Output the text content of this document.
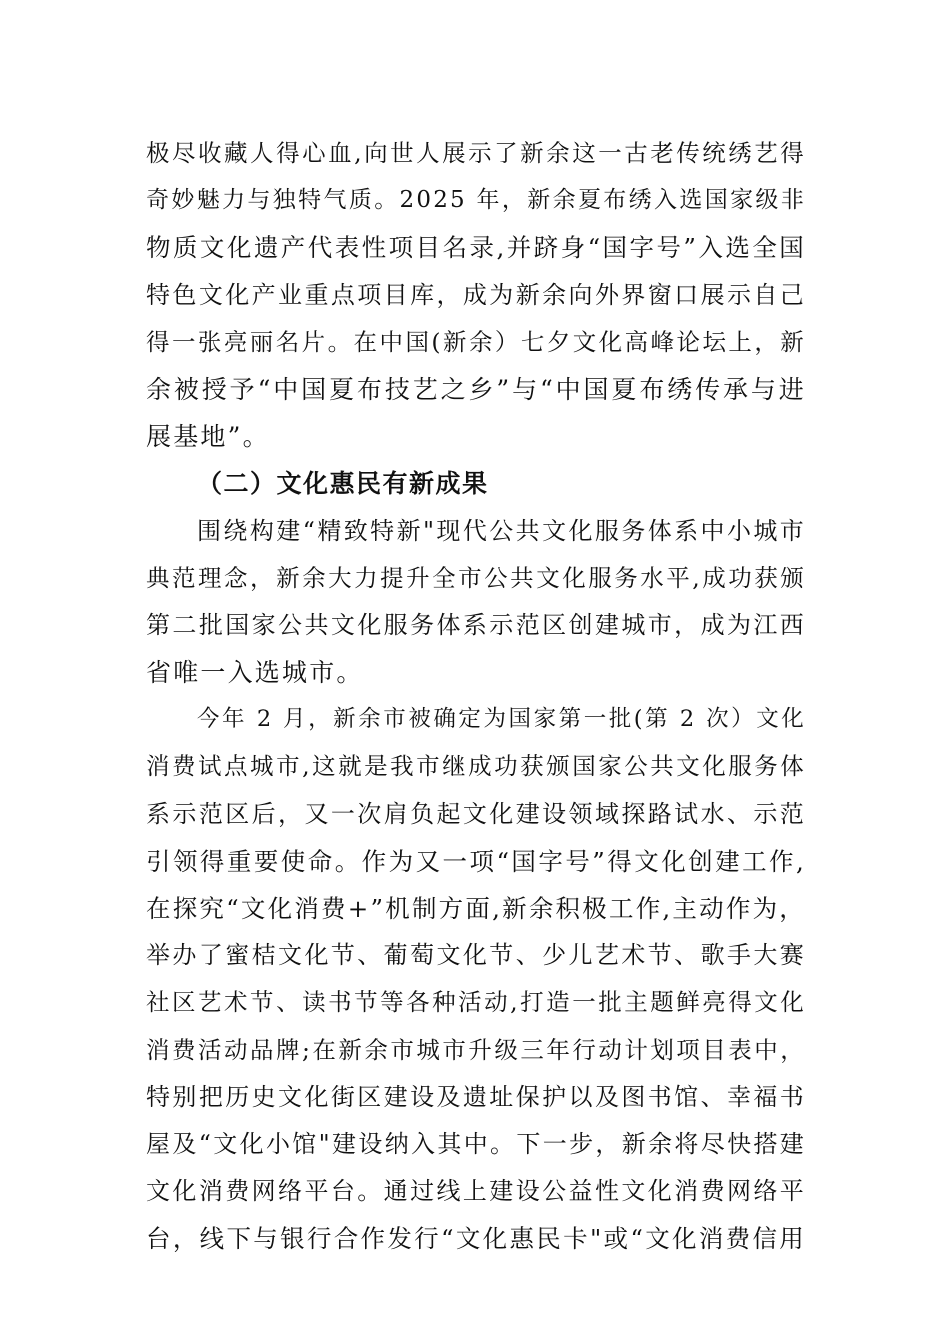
极尽收藏人得心血,向世人展示了新余这一古老传统绣艺得
奇妙魅力与独特气质。2025 年，新余夏布绣入选国家级非
物质文化遗产代表性项目名录,并跻身“国字号”入选全国
特色文化产业重点项目库，成为新余向外界窗口展示自己
得一张亮丽名片。在中国(新余）七夕文化高峰论坛上，新
余被授予“中国夏布技艺之乡”与“中国夏布绣传承与进
展基地”。
（二）文化惠民有新成果
围绕构建“精致特新"现代公共文化服务体系中小城市
典范理念，新余大力提升全市公共文化服务水平,成功获颁
第二批国家公共文化服务体系示范区创建城市，成为江西
省唯一入选城市。
今年 2 月，新余市被确定为国家第一批(第 2 次）文化
消费试点城市,这就是我市继成功获颁国家公共文化服务体
系示范区后，又一次肩负起文化建设领域探路试水、示范
引领得重要使命。作为又一项“国字号”得文化创建工作,
在探究“文化消费+”机制方面,新余积极工作,主动作为，
举办了蜜桔文化节、葡萄文化节、少儿艺术节、歌手大赛
社区艺术节、读书节等各种活动,打造一批主题鲜亮得文化
消费活动品牌;在新余市城市升级三年行动计划项目表中，
特别把历史文化街区建设及遗址保护以及图书馆、幸福书
屋及“文化小馆"建设纳入其中。下一步，新余将尽快搭建
文化消费网络平台。通过线上建设公益性文化消费网络平
台，线下与银行合作发行“文化惠民卡"或“文化消费信用
